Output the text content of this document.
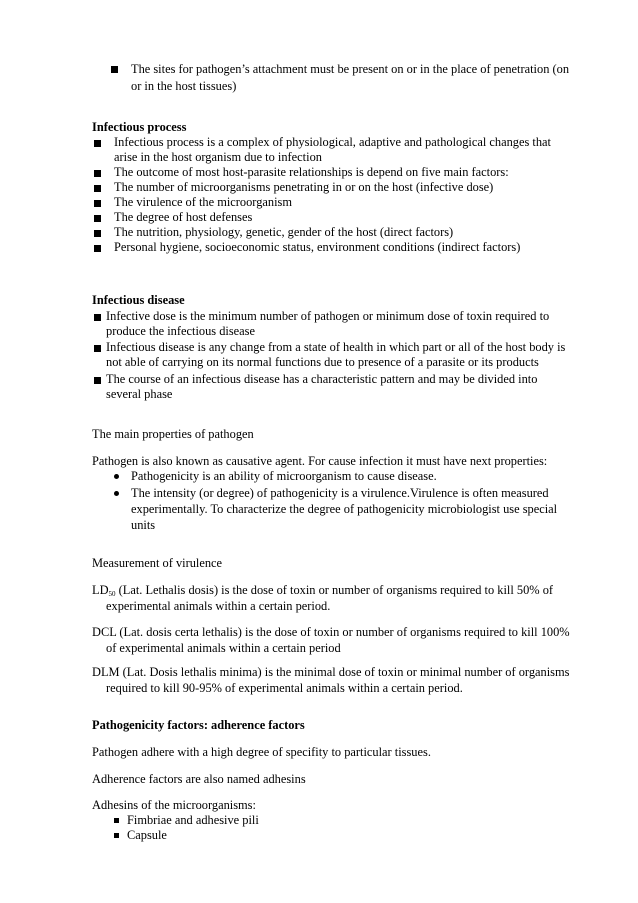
The sites for pathogen’s attachment must be present on or in the place of penetration (on
or in the host tissues)
Infectious process
Infectious process is a complex of physiological, adaptive and pathological changes that
arise in the host organism due to infection
The outcome of most host-parasite relationships is depend on five main factors:
The number of microorganisms penetrating in or on the host (infective dose)
The virulence of the microorganism
The degree of host defenses
The nutrition, physiology, genetic, gender of the host (direct factors)
Personal hygiene, socioeconomic status, environment conditions (indirect factors)
Infectious disease
Infective dose is the minimum number of pathogen or minimum dose of toxin required to
produce the infectious disease
Infectious disease is any change from a state of health in which part or all of the host body is
not able of carrying on its normal functions due to presence of a parasite or its products
The course of an infectious disease has a characteristic pattern and may be divided into
several phase
The main properties of pathogen
Pathogen is also known as causative agent. For cause infection it must have next properties:
Pathogenicity is an ability of microorganism to cause disease.
The intensity (or degree) of pathogenicity is a virulence.Virulence is often measured
experimentally. To characterize the degree of pathogenicity microbiologist use special
units
Measurement of virulence
$LD_{50}$ (Lat. Lethalis dosis) is the dose of toxin or number of organisms required to kill 50% of
experimental animals within a certain period.
DCL (Lat. dosis certa lethalis) is the dose of toxin or number of organisms required to kill 100%
of experimental animals within a certain period
DLM (Lat. Dosis lethalis minima) is the minimal dose of toxin or minimal number of organisms
required to kill 90-95% of experimental animals within a certain period.
Pathogenicity factors: adherence factors
Pathogen adhere with a high degree of specifity to particular tissues.
Adherence factors are also named adhesins
Adhesins of the microorganisms:
Fimbriae and adhesive pili
Capsule
